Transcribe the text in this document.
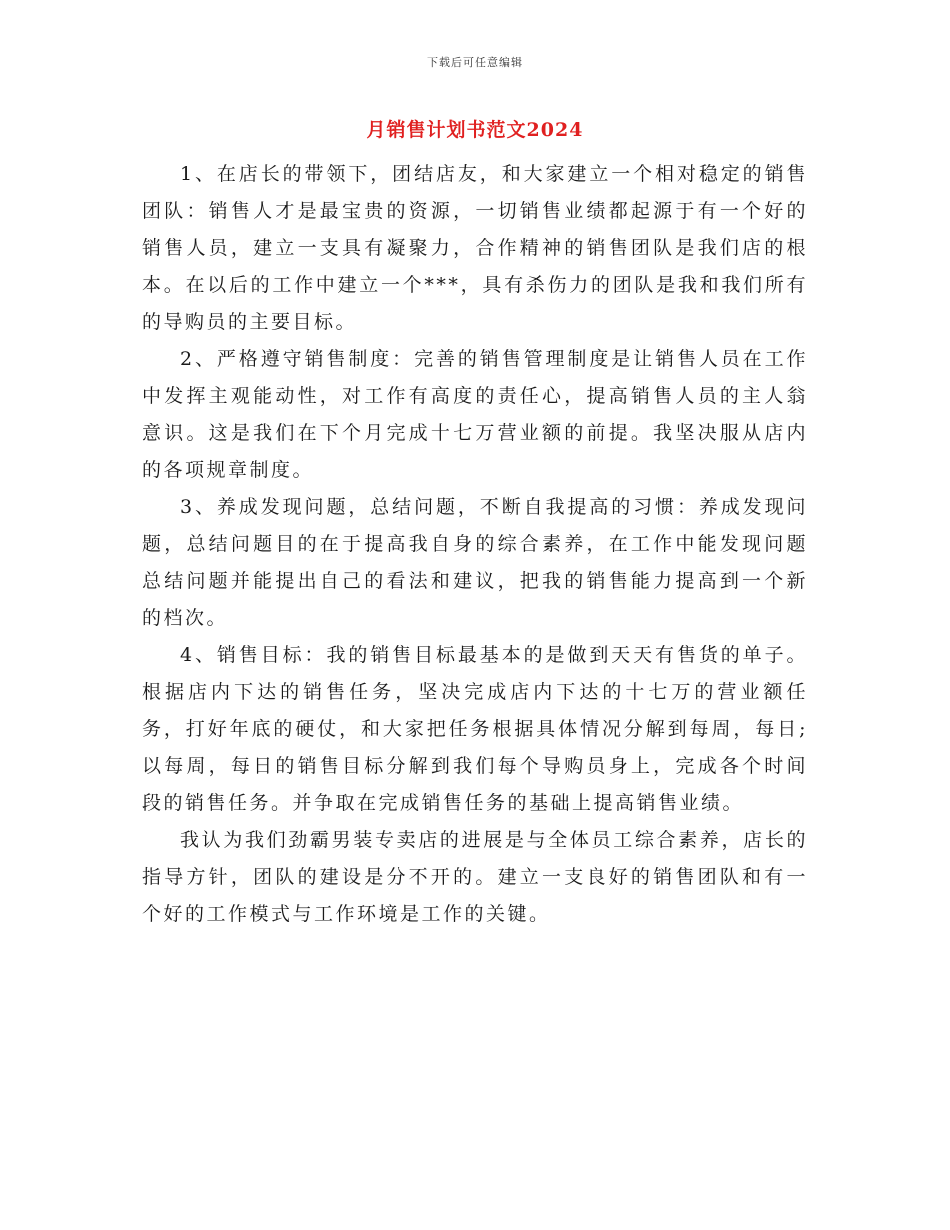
下载后可任意编辑
月销售计划书范文2024

1、在店长的带领下，团结店友，和大家建立一个相对稳定的销售团队：销售人才是最宝贵的资源，一切销售业绩都起源于有一个好的销售人员，建立一支具有凝聚力，合作精神的销售团队是我们店的根本。在以后的工作中建立一个***，具有杀伤力的团队是我和我们所有的导购员的主要目标。

2、严格遵守销售制度：完善的销售管理制度是让销售人员在工作中发挥主观能动性，对工作有高度的责任心，提高销售人员的主人翁意识。这是我们在下个月完成十七万营业额的前提。我坚决服从店内的各项规章制度。

3、养成发现问题，总结问题，不断自我提高的习惯：养成发现问题，总结问题目的在于提高我自身的综合素养，在工作中能发现问题总结问题并能提出自己的看法和建议，把我的销售能力提高到一个新的档次。

4、销售目标：我的销售目标最基本的是做到天天有售货的单子。根据店内下达的销售任务，坚决完成店内下达的十七万的营业额任务，打好年底的硬仗，和大家把任务根据具体情况分解到每周，每日;以每周，每日的销售目标分解到我们每个导购员身上，完成各个时间段的销售任务。并争取在完成销售任务的基础上提高销售业绩。

我认为我们劲霸男装专卖店的进展是与全体员工综合素养，店长的指导方针，团队的建设是分不开的。建立一支良好的销售团队和有一个好的工作模式与工作环境是工作的关键。
